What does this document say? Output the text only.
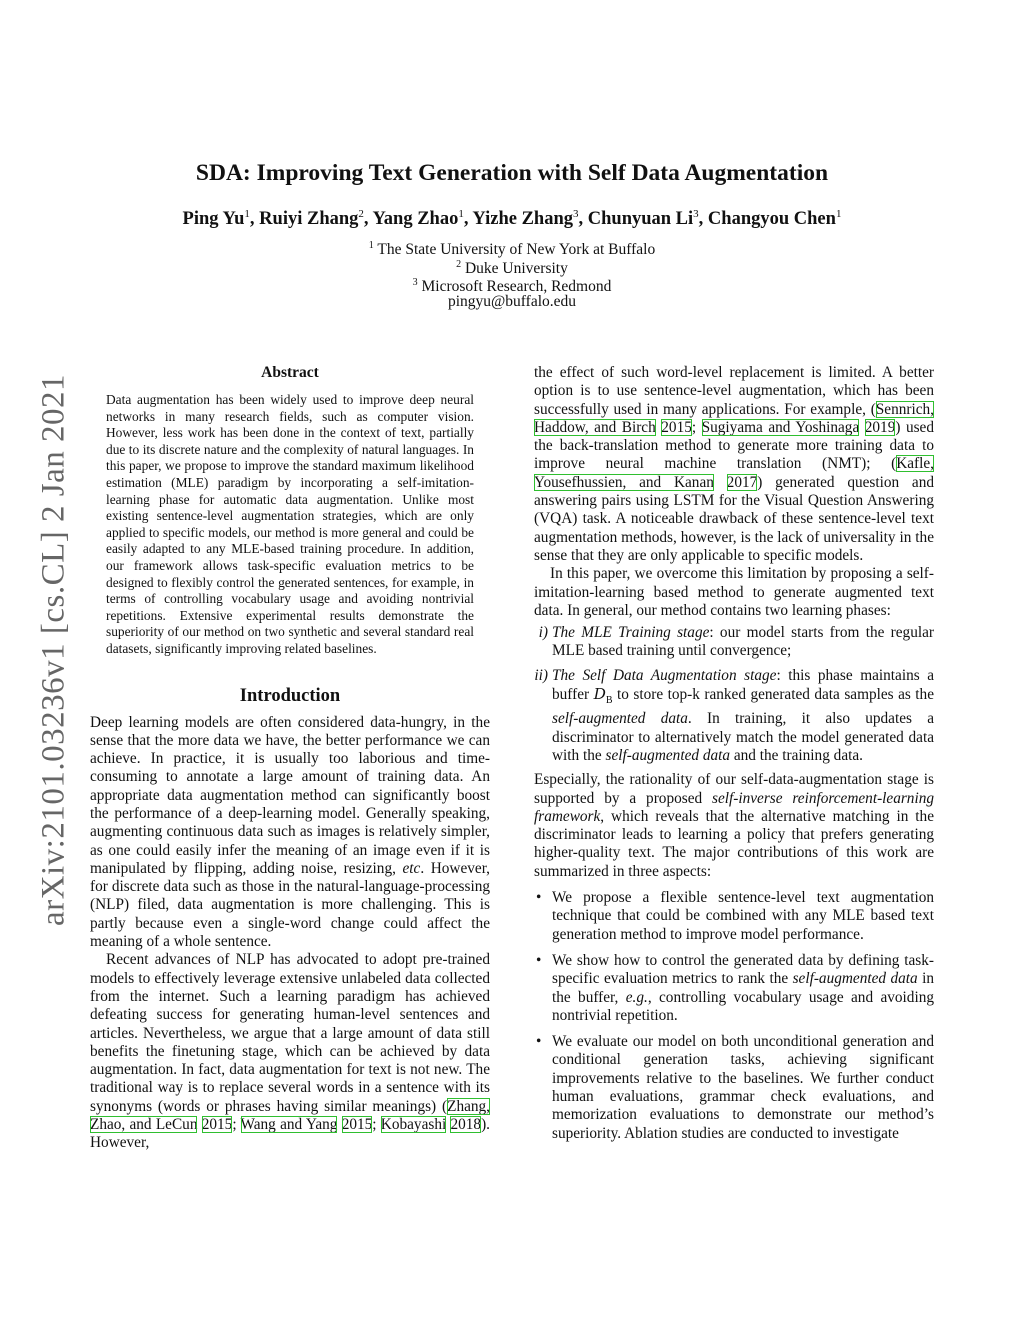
arXiv:2101.03236v1 [cs.CL] 2 Jan 2021
SDA: Improving Text Generation with Self Data Augmentation

Ping Yu$^1$, Ruiyi Zhang$^2$, Yang Zhao$^1$, Yizhe Zhang$^3$, Chunyuan Li$^3$, Changyou Chen$^1$

$^1$ The State University of New York at Buffalo

$^2$ Duke University

$^3$ Microsoft Research, Redmond

pingyu@buffalo.edu

Abstract

Data augmentation has been widely used to improve deep neural networks in many research fields, such as computer vision. However, less work has been done in the context of text, partially due to its discrete nature and the complexity of natural languages. In this paper, we propose to improve the standard maximum likelihood estimation (MLE) paradigm by incorporating a self-imitation-learning phase for automatic data augmentation. Unlike most existing sentence-level augmentation strategies, which are only applied to specific models, our method is more general and could be easily adapted to any MLE-based training procedure. In addition, our framework allows task-specific evaluation metrics to be designed to flexibly control the generated sentences, for example, in terms of controlling vocabulary usage and avoiding nontrivial repetitions. Extensive experimental results demonstrate the superiority of our method on two synthetic and several standard real datasets, significantly improving related baselines.

Introduction

Deep learning models are often considered data-hungry, in the sense that the more data we have, the better performance we can achieve. In practice, it is usually too laborious and time-consuming to annotate a large amount of training data. An appropriate data augmentation method can significantly boost the performance of a deep-learning model. Generally speaking, augmenting continuous data such as images is relatively simpler, as one could easily infer the meaning of an image even if it is manipulated by flipping, adding noise, resizing, etc. However, for discrete data such as those in the natural-language-processing (NLP) filed, data augmentation is more challenging. This is partly because even a single-word change could affect the meaning of a whole sentence.

Recent advances of NLP has advocated to adopt pre-trained models to effectively leverage extensive unlabeled data collected from the internet. Such a learning paradigm has achieved defeating success for generating human-level sentences and articles. Nevertheless, we argue that a large amount of data still benefits the finetuning stage, which can be achieved by data augmentation. In fact, data augmentation for text is not new. The traditional way is to replace several words in a sentence with its synonyms (words or phrases having similar meanings) (Zhang, Zhao, and LeCun 2015; Wang and Yang 2015; Kobayashi 2018). However,

the effect of such word-level replacement is limited. A better option is to use sentence-level augmentation, which has been successfully used in many applications. For example, (Sennrich, Haddow, and Birch 2015; Sugiyama and Yoshinaga 2019) used the back-translation method to generate more training data to improve neural machine translation (NMT); (Kafle, Yousefhussien, and Kanan 2017) generated question and answering pairs using LSTM for the Visual Question Answering (VQA) task. A noticeable drawback of these sentence-level text augmentation methods, however, is the lack of universality in the sense that they are only applicable to specific models.

In this paper, we overcome this limitation by proposing a self-imitation-learning based method to generate augmented text data. In general, our method contains two learning phases:

i) The MLE Training stage: our model starts from the regular MLE based training until convergence;
ii) The Self Data Augmentation stage: this phase maintains a buffer $D_B$ to store top-k ranked generated data samples as the self-augmented data. In training, it also updates a discriminator to alternatively match the model generated data with the self-augmented data and the training data.

Especially, the rationality of our self-data-augmentation stage is supported by a proposed self-inverse reinforcement-learning framework, which reveals that the alternative matching in the discriminator leads to learning a policy that prefers generating higher-quality text. The major contributions of this work are summarized in three aspects:

• We propose a flexible sentence-level text augmentation technique that could be combined with any MLE based text generation method to improve model performance.
• We show how to control the generated data by defining task-specific evaluation metrics to rank the self-augmented data in the buffer, e.g., controlling vocabulary usage and avoiding nontrivial repetition.
• We evaluate our model on both unconditional generation and conditional generation tasks, achieving significant improvements relative to the baselines. We further conduct human evaluations, grammar check evaluations, and memorization evaluations to demonstrate our method’s superiority. Ablation studies are conducted to investigate
